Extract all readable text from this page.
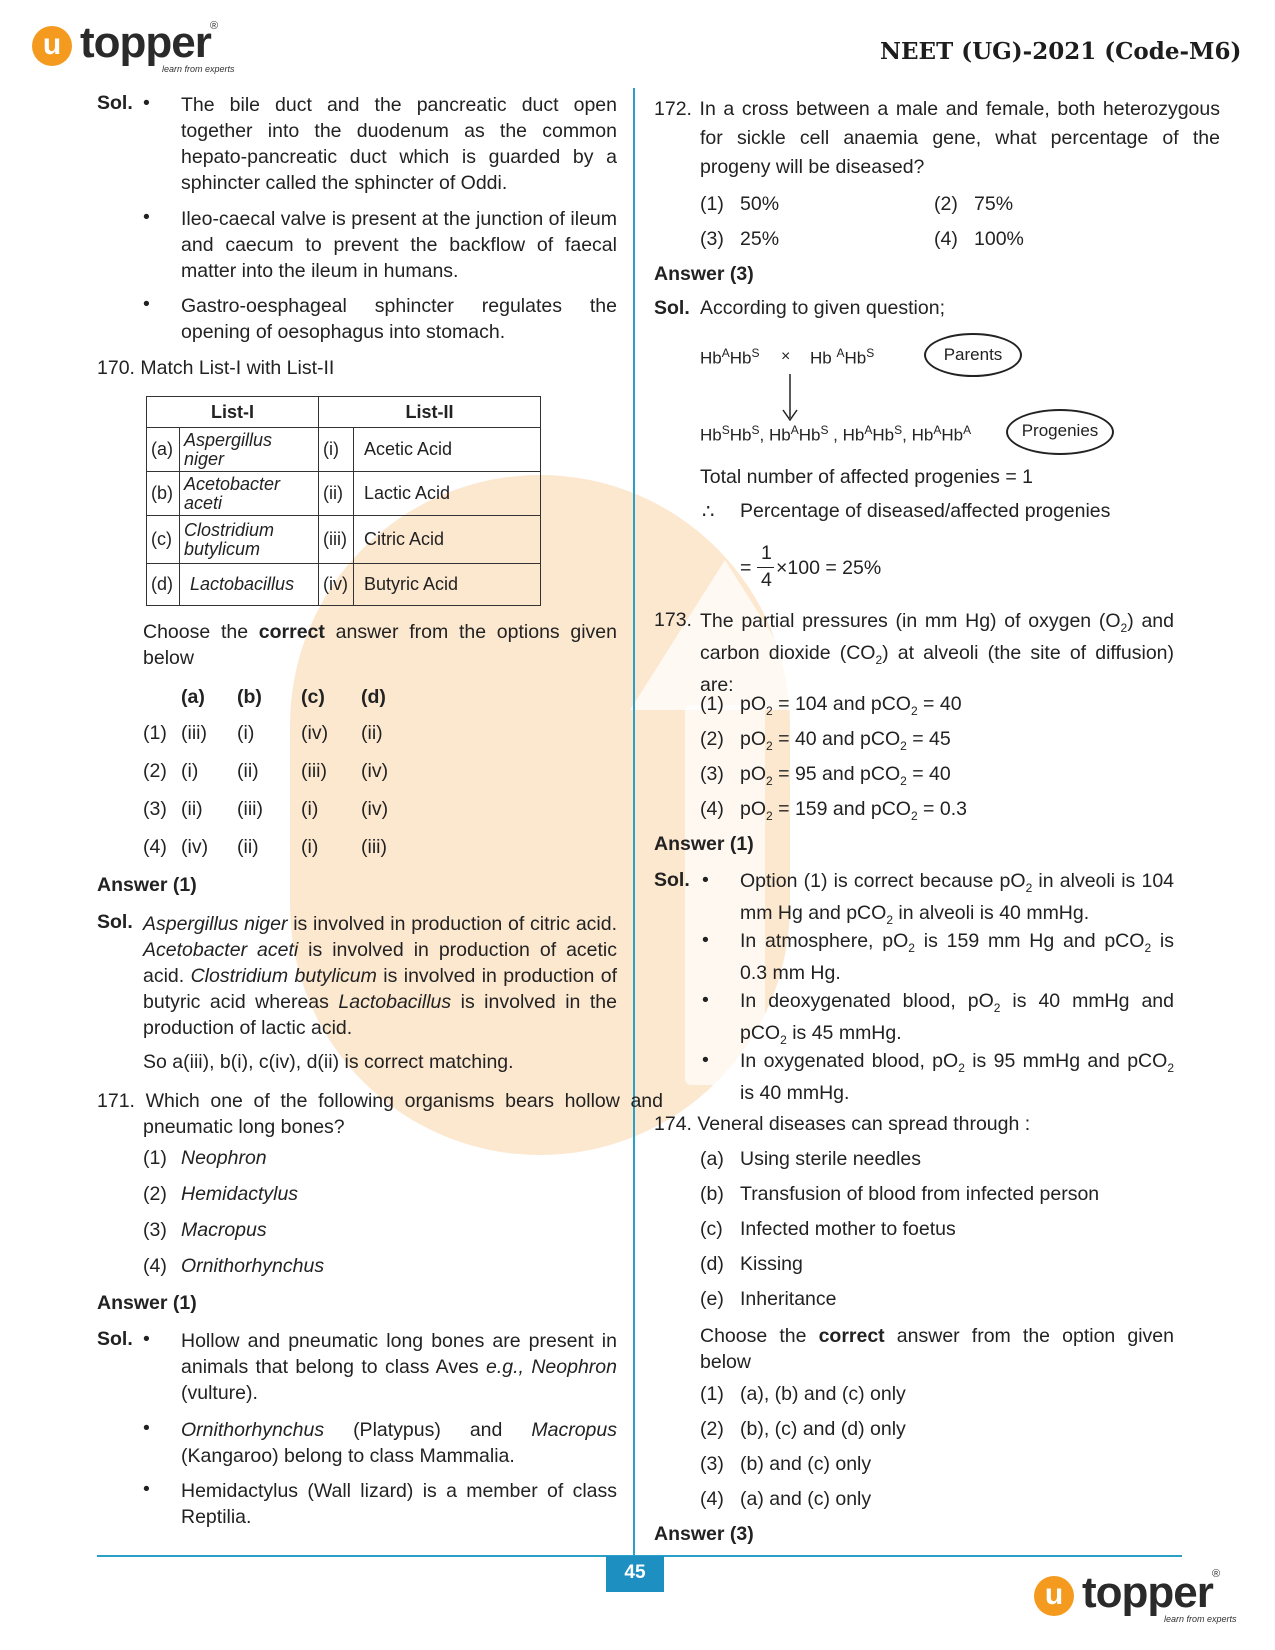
u topper ®
learn from experts
NEET (UG)-2021 (Code-M6)
Sol. • The bile duct and the pancreatic duct open together into the duodenum as the common hepato-pancreatic duct which is guarded by a sphincter called the sphincter of Oddi.
• Ileo-caecal valve is present at the junction of ileum and caecum to prevent the backflow of faecal matter into the ileum in humans.
• Gastro-oesphageal sphincter regulates the opening of oesophagus into stomach.
170. Match List-I with List-II
List-I		List-II	
(a)	Aspergillus niger	(i)	Acetic Acid
(b)	Acetobacter aceti	(ii)	Lactic Acid
(c)	Clostridium butylicum	(iii)	Citric Acid
(d)	Lactobacillus	(iv)	Butyric Acid
Choose the correct answer from the options given below
(a) (b) (c) (d)
(1) (iii) (i) (iv) (ii)
(2) (i) (ii) (iii) (iv)
(3) (ii) (iii) (i) (iv)
(4) (iv) (ii) (i) (iii)
Answer (1)
Sol. Aspergillus niger is involved in production of citric acid. Acetobacter aceti is involved in production of acetic acid. Clostridium butylicum is involved in production of butyric acid whereas Lactobacillus is involved in the production of lactic acid.
So a(iii), b(i), c(iv), d(ii) is correct matching.
171. Which one of the following organisms bears hollow and pneumatic long bones?
(1) Neophron
(2) Hemidactylus
(3) Macropus
(4) Ornithorhynchus
Answer (1)
Sol. • Hollow and pneumatic long bones are present in animals that belong to class Aves e.g., Neophron (vulture).
• Ornithorhynchus (Platypus) and Macropus (Kangaroo) belong to class Mammalia.
• Hemidactylus (Wall lizard) is a member of class Reptilia.
172. In a cross between a male and female, both heterozygous for sickle cell anaemia gene, what percentage of the progeny will be diseased?
(1) 50%	(2) 75%
(3) 25%	(4) 100%
Answer (3)
Sol. According to given question;
$Hb^AHb^S \times Hb$ $^AHb^S$	Parents
$Hb^SHb^S$, $Hb^AHb^S$ , $Hb^AHb^S$, $Hb^AHb^A$	Progenies
Total number of affected progenies = 1
∴ Percentage of diseased/affected progenies
=
1
4
×100 = 25%
173. The partial pressures (in mm Hg) of oxygen $(O_2)$ and carbon dioxide $(CO_2)$ at alveoli (the site of diffusion) are:
(1) $pO_2 = 104$ and pCO$_2$ = 40
(2) $pO_2 = 40$ and pCO$_2$ = 45
(3) $pO_2 = 95$ and pCO$_2$ = 40
(4) $pO_2 = 159$ and pCO$_2$ = 0.3
Answer (1)
Sol. • Option (1) is correct because $pO_2$ in alveoli is 104 mm Hg and pCO$_2$ in alveoli is 40 mmHg.
• In atmosphere, $pO_2$ is 159 mm Hg and pCO$_2$ is 0.3 mm Hg.
• In deoxygenated blood, $pO_2$ is 40 mmHg and pCO$_2$ is 45 mmHg.
• In oxygenated blood, $pO_2$ is 95 mmHg and pCO$_2$ is 40 mmHg.
174. Veneral diseases can spread through :
(a) Using sterile needles
(b) Transfusion of blood from infected person
(c) Infected mother to foetus
(d) Kissing
(e) Inheritance
Choose the correct answer from the option given below
(1) (a), (b) and (c) only
(2) (b), (c) and (d) only
(3) (b) and (c) only
(4) (a) and (c) only
Answer (3)
45
u topper ®
learn from experts
